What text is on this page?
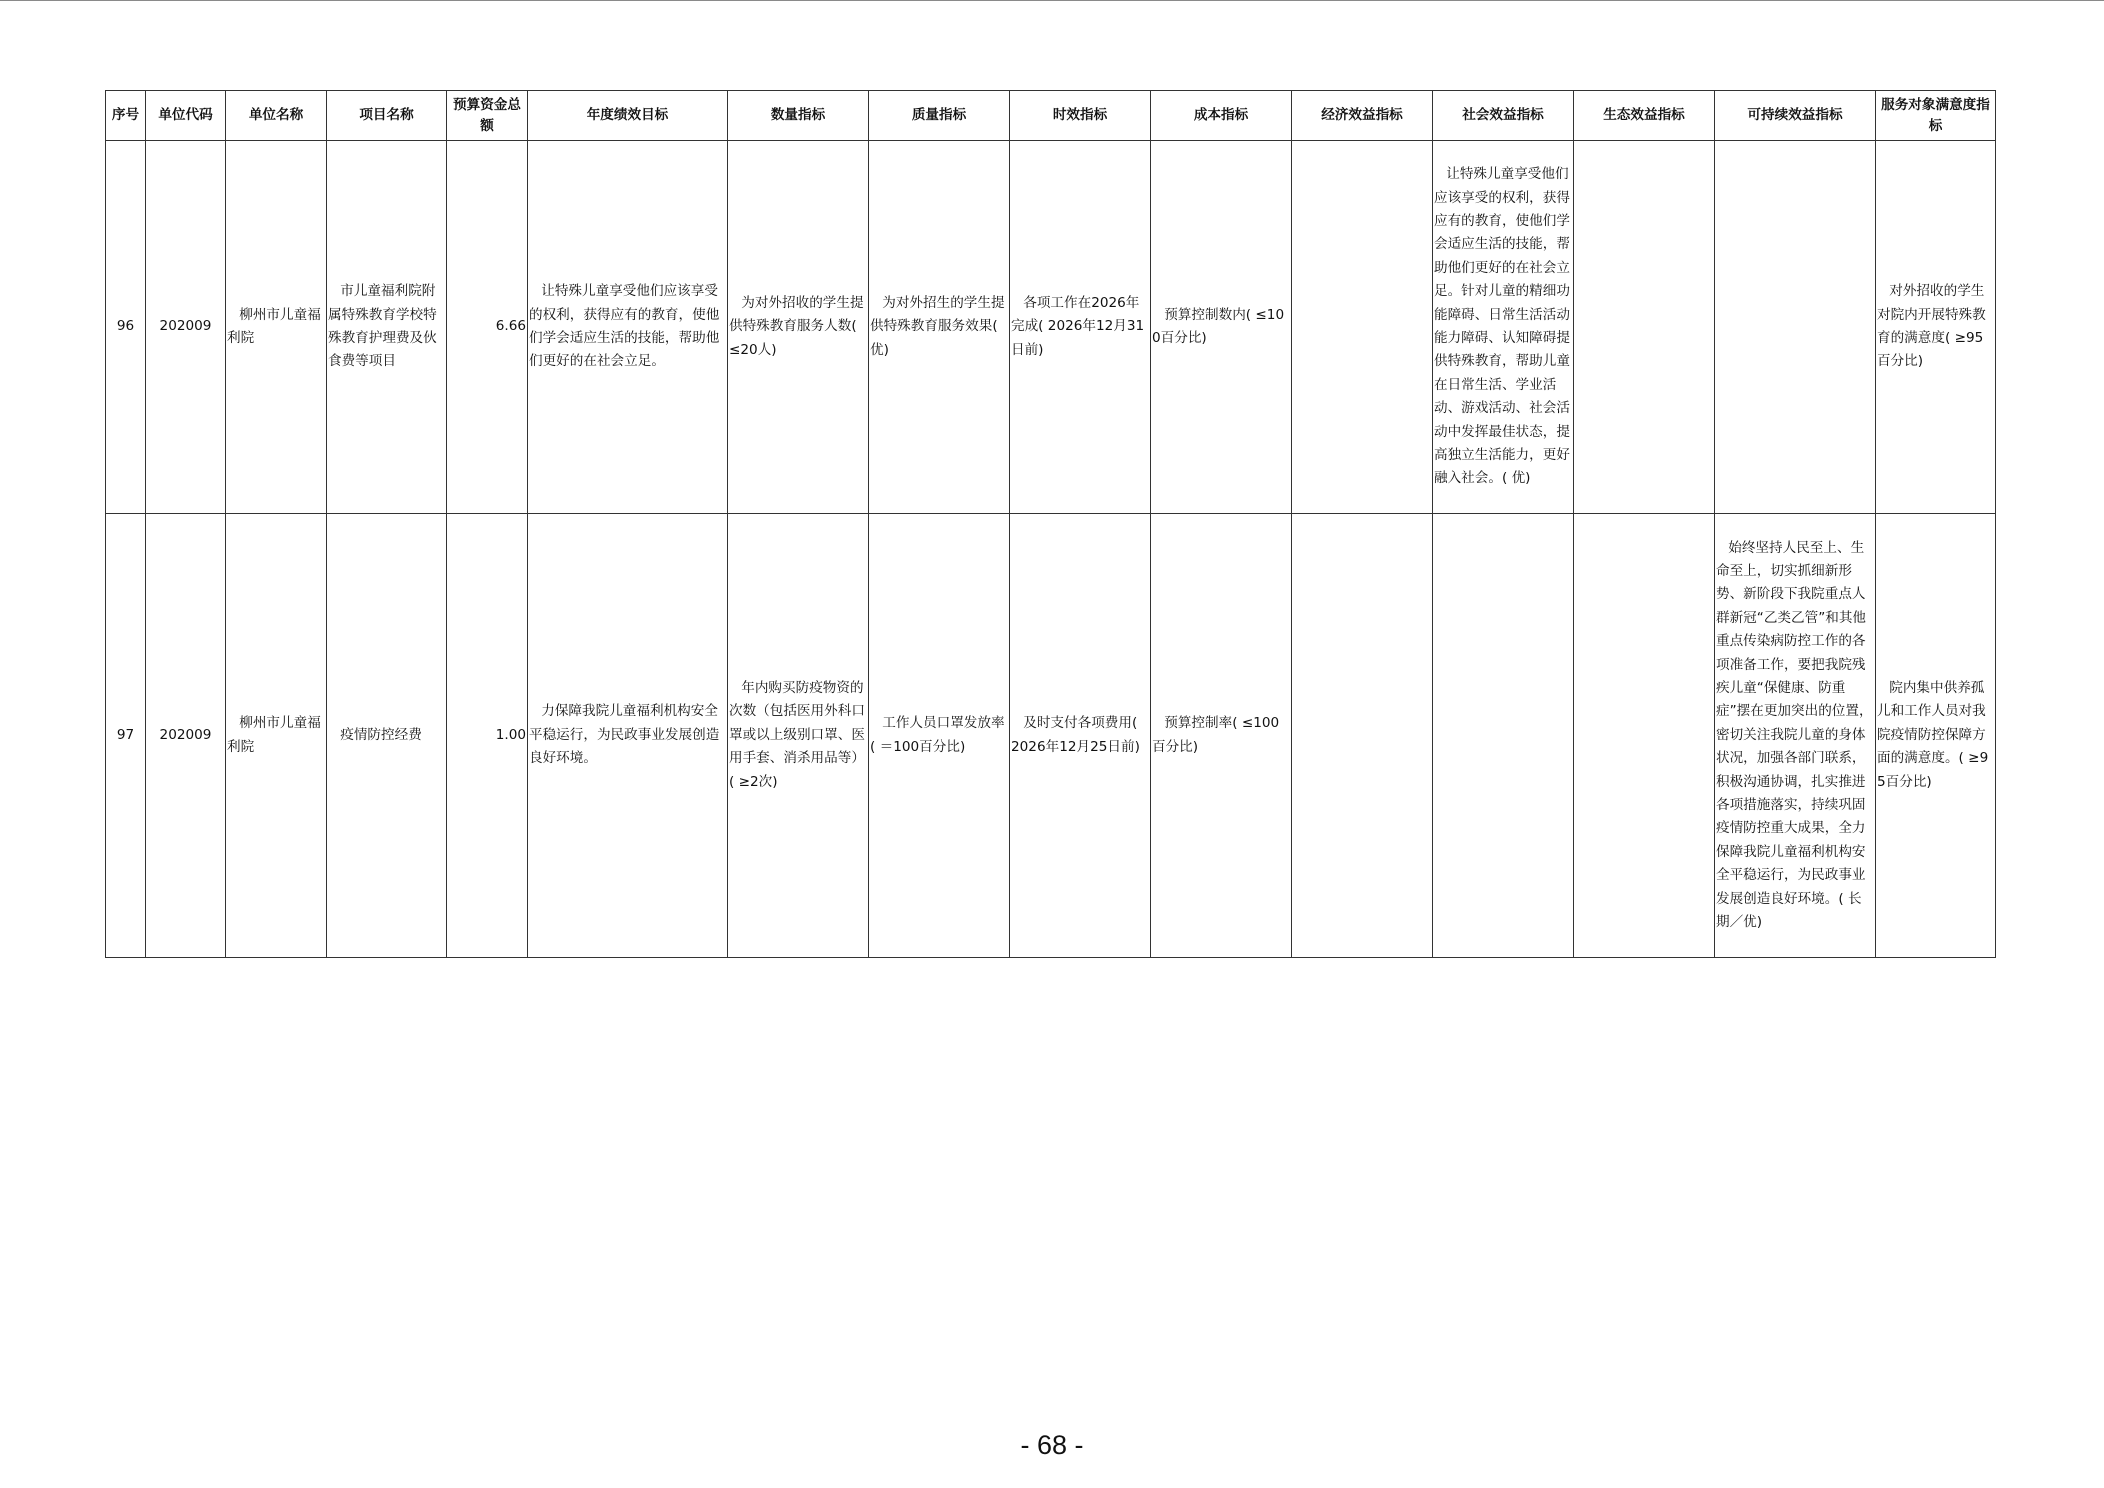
序号	单位代码	单位名称	项目名称	预算资金总额	年度绩效目标	数量指标	质量指标	时效指标	成本指标	经济效益指标	社会效益指标	生态效益指标	可持续效益指标	服务对象满意度指标
96	202009	柳州市儿童福利院	市儿童福利院附属特殊教育学校特殊教育护理费及伙食费等项目	6.66	让特殊儿童享受他们应该享受的权利，获得应有的教育，使他们学会适应生活的技能，帮助他们更好的在社会立足。	为对外招收的学生提供特殊教育服务人数( ≤20人)	为对外招生的学生提供特殊教育服务效果( 优)	各项工作在2026年完成( 2026年12月31日前)	预算控制数内( ≤100百分比)		让特殊儿童享受他们应该享受的权利，获得应有的教育，使他们学会适应生活的技能，帮助他们更好的在社会立足。针对儿童的精细功能障碍、日常生活活动能力障碍、认知障碍提供特殊教育，帮助儿童在日常生活、学业活动、游戏活动、社会活动中发挥最佳状态，提高独立生活能力，更好融入社会。( 优)			对外招收的学生对院内开展特殊教育的满意度( ≥95百分比)
97	202009	柳州市儿童福利院	疫情防控经费	1.00	力保障我院儿童福利机构安全平稳运行，为民政事业发展创造良好环境。	年内购买防疫物资的次数（包括医用外科口罩或以上级别口罩、医用手套、消杀用品等）( ≥2次)	工作人员口罩发放率( ＝100百分比)	及时支付各项费用( 2026年12月25日前)	预算控制率( ≤100百分比)				始终坚持人民至上、生命至上，切实抓细新形势、新阶段下我院重点人群新冠“乙类乙管”和其他重点传染病防控工作的各项准备工作，要把我院残疾儿童“保健康、防重症”摆在更加突出的位置，密切关注我院儿童的身体状况，加强各部门联系，积极沟通协调，扎实推进各项措施落实，持续巩固疫情防控重大成果，全力保障我院儿童福利机构安全平稳运行，为民政事业发展创造良好环境。( 长期／优)	院内集中供养孤儿和工作人员对我院疫情防控保障方面的满意度。( ≥95百分比)
- 68 -
